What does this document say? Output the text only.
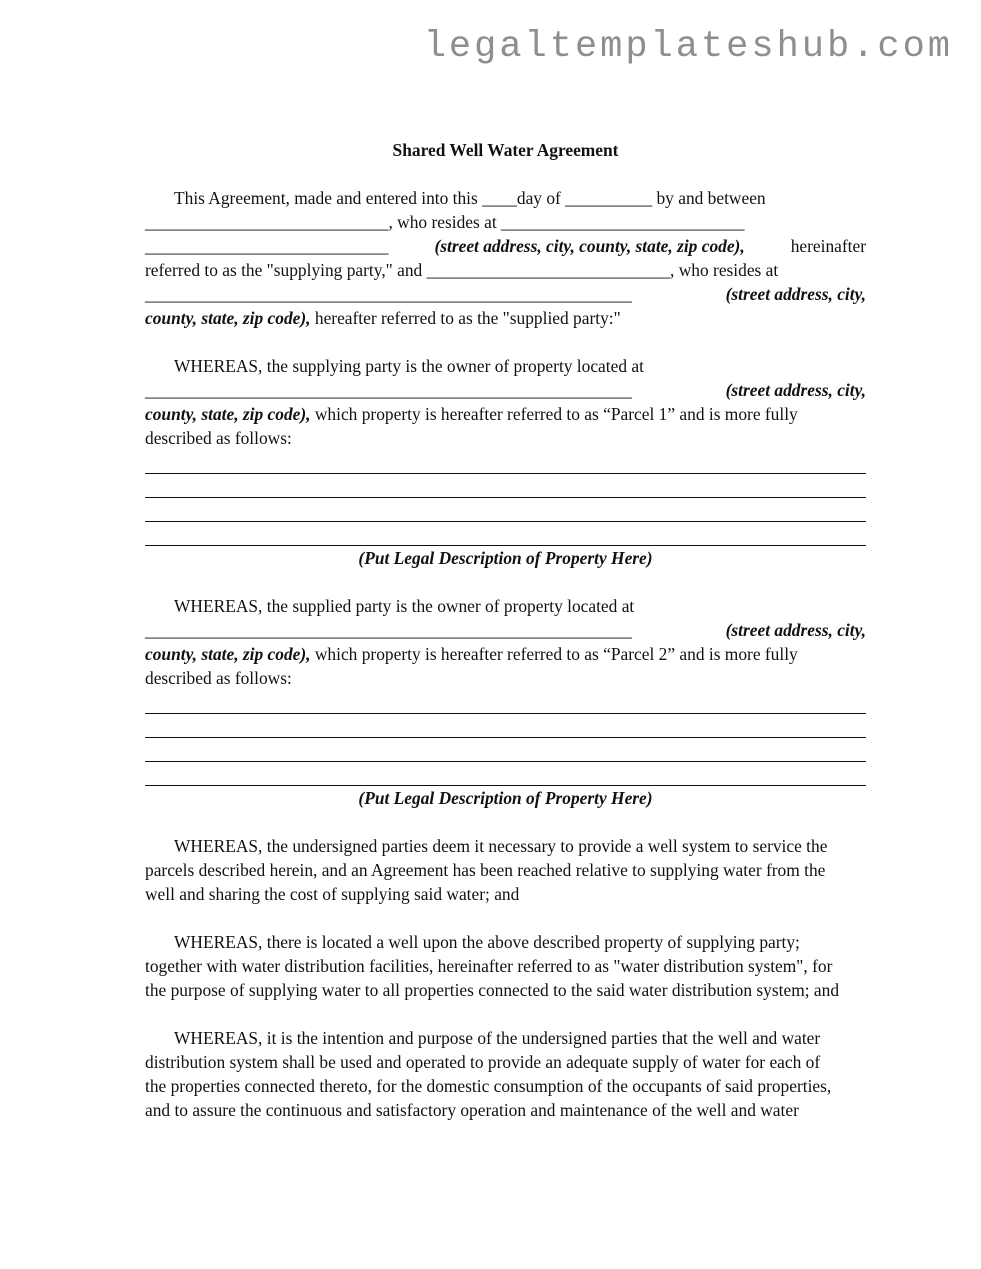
legaltemplateshub.com
Shared Well Water Agreement
This Agreement, made and entered into this ____day of __________ by and between
____________________________, who resides at ____________________________
____________________________	(street address, city, county, state, zip code),	hereinafter
referred to as the "supplying party," and ____________________________, who resides at
________________________________________________________	(street address, city,
county, state, zip code), hereafter referred to as the "supplied party:"
WHEREAS, the supplying party is the owner of property located at
________________________________________________________	(street address, city,
county, state, zip code), which property is hereafter referred to as “Parcel 1” and is more fully
described as follows:
(Put Legal Description of Property Here)
WHEREAS, the supplied party is the owner of property located at
________________________________________________________	(street address, city,
county, state, zip code), which property is hereafter referred to as “Parcel 2” and is more fully
described as follows:
(Put Legal Description of Property Here)
WHEREAS, the undersigned parties deem it necessary to provide a well system to service the
parcels described herein, and an Agreement has been reached relative to supplying water from the
well and sharing the cost of supplying said water; and
WHEREAS, there is located a well upon the above described property of supplying party;
together with water distribution facilities, hereinafter referred to as "water distribution system", for
the purpose of supplying water to all properties connected to the said water distribution system; and
WHEREAS, it is the intention and purpose of the undersigned parties that the well and water
distribution system shall be used and operated to provide an adequate supply of water for each of
the properties connected thereto, for the domestic consumption of the occupants of said properties,
and to assure the continuous and satisfactory operation and maintenance of the well and water
